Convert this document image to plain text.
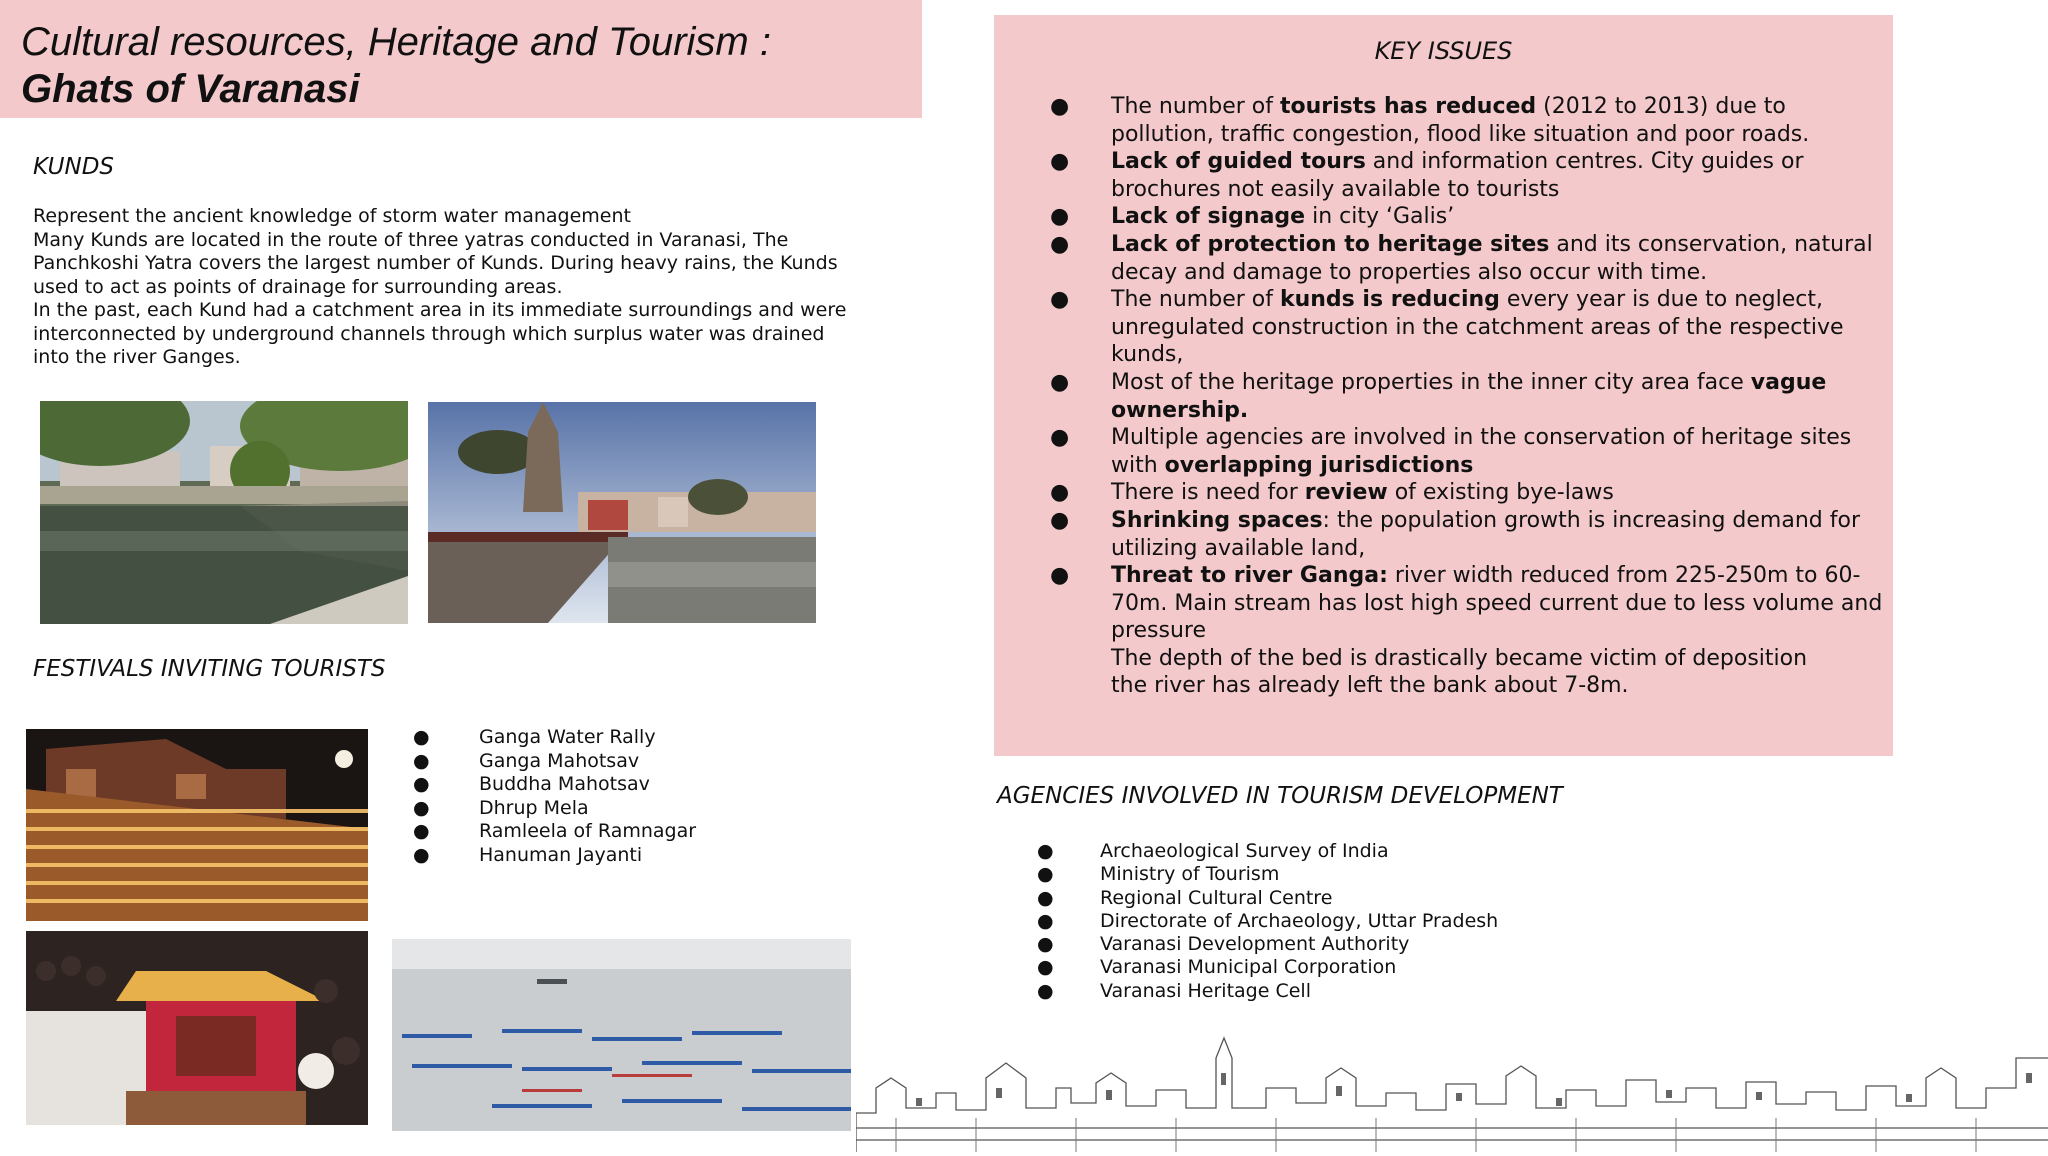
Cultural resources, Heritage and Tourism :
Ghats of Varanasi
KUNDS

Represent the ancient knowledge of storm water management

Many Kunds are located in the route of three yatras conducted in Varanasi, The Panchkoshi Yatra covers the largest number of Kunds. During heavy rains, the Kunds used to act as points of drainage for surrounding areas.

In the past, each Kund had a catchment area in its immediate surroundings and were interconnected by underground channels through which surplus water was drained into the river Ganges.

FESTIVALS INVITING TOURISTS
●	Ganga Water Rally
●	Ganga Mahotsav
●	Buddha Mahotsav
●	Dhrup Mela
●	Ramleela of Ramnagar
●	Hanuman Jayanti
KEY ISSUES
● The number of tourists has reduced (2012 to 2013) due to pollution, traffic congestion, flood like situation and poor roads.
● Lack of guided tours and information centres. City guides or brochures not easily available to tourists
● Lack of signage in city ‘Galis’
● Lack of protection to heritage sites and its conservation, natural decay and damage to properties also occur with time.
● The number of kunds is reducing every year is due to neglect, unregulated construction in the catchment areas of the respective kunds,
● Most of the heritage properties in the inner city area face vague ownership.
● Multiple agencies are involved in the conservation of heritage sites with overlapping jurisdictions
● There is need for review of existing bye-laws
● Shrinking spaces: the population growth is increasing demand for utilizing available land,
● Threat to river Ganga: river width reduced from 225-250m to 60-70m. Main stream has lost high speed current due to less volume and pressure
The depth of the bed is drastically became victim of deposition
the river has already left the bank about 7-8m.
AGENCIES INVOLVED IN TOURISM DEVELOPMENT
● Archaeological Survey of India
● Ministry of Tourism
● Regional Cultural Centre
● Directorate of Archaeology, Uttar Pradesh
● Varanasi Development Authority
● Varanasi Municipal Corporation
● Varanasi Heritage Cell
